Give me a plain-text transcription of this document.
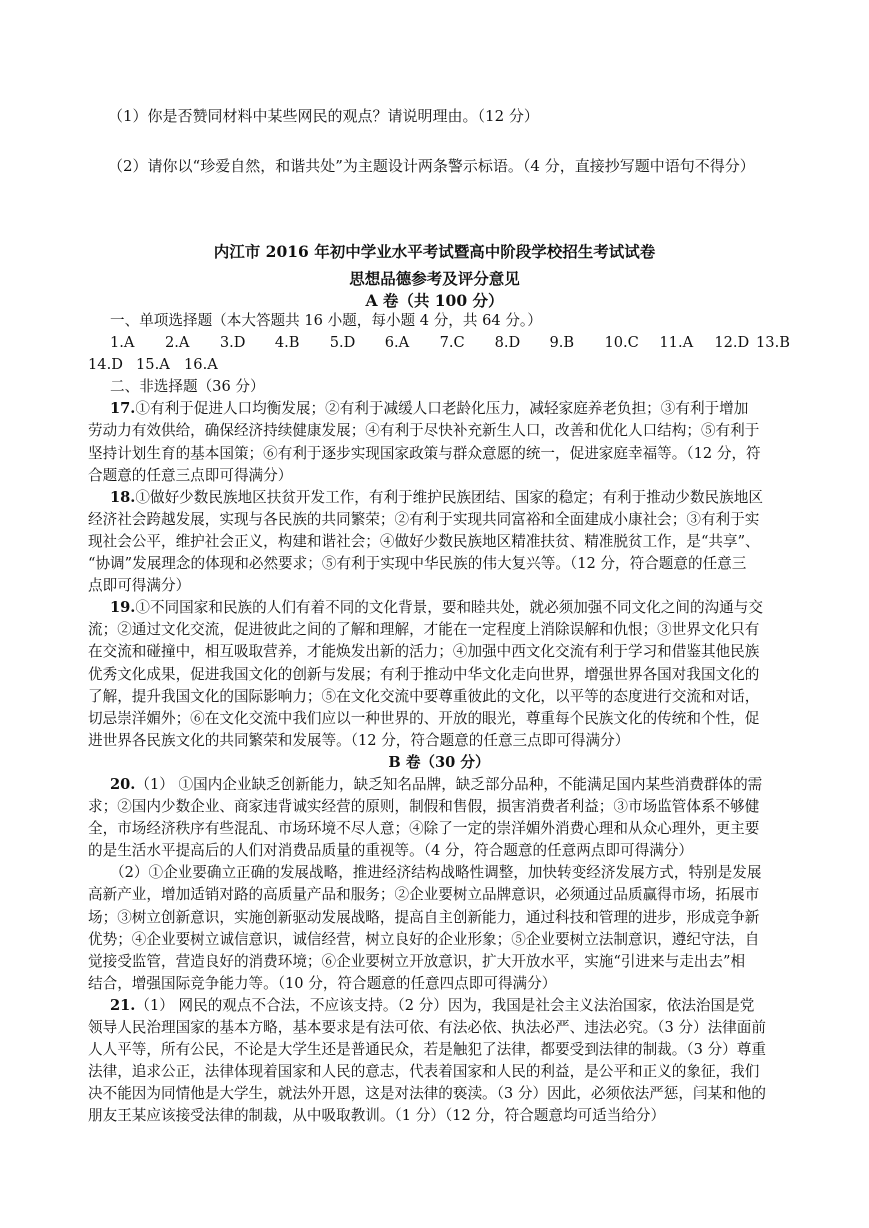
（1）你是否赞同材料中某些网民的观点？请说明理由。（12 分）
（2）请你以“珍爱自然，和谐共处”为主题设计两条警示标语。（4 分，直接抄写题中语句不得分）
内江市 2016 年初中学业水平考试暨高中阶段学校招生考试试卷
思想品德参考及评分意见
A 卷（共 100 分）
一、单项选择题（本大答题共 16 小题，每小题 4 分，共 64 分。）
1.A	2.A	3.D	4.B	5.D	6.A	7.C	8.D	9.B	10.C	11.A	12.D 13.B
14.D 15.A 16.A
二、非选择题（36 分）
17.①有利于促进人口均衡发展；②有利于减缓人口老龄化压力，减轻家庭养老负担；③有利于增加
劳动力有效供给，确保经济持续健康发展；④有利于尽快补充新生人口，改善和优化人口结构；⑤有利于
坚持计划生育的基本国策；⑥有利于逐步实现国家政策与群众意愿的统一，促进家庭幸福等。（12 分，符
合题意的任意三点即可得满分）
18.①做好少数民族地区扶贫开发工作，有利于维护民族团结、国家的稳定；有利于推动少数民族地区
经济社会跨越发展，实现与各民族的共同繁荣；②有利于实现共同富裕和全面建成小康社会；③有利于实
现社会公平，维护社会正义，构建和谐社会；④做好少数民族地区精准扶贫、精准脱贫工作，是“共享”、
“协调”发展理念的体现和必然要求；⑤有利于实现中华民族的伟大复兴等。（12 分，符合题意的任意三
点即可得满分）
19.①不同国家和民族的人们有着不同的文化背景，要和睦共处，就必须加强不同文化之间的沟通与交
流；②通过文化交流，促进彼此之间的了解和理解，才能在一定程度上消除误解和仇恨；③世界文化只有
在交流和碰撞中，相互吸取营养，才能焕发出新的活力；④加强中西文化交流有利于学习和借鉴其他民族
优秀文化成果，促进我国文化的创新与发展；有利于推动中华文化走向世界，增强世界各国对我国文化的
了解，提升我国文化的国际影响力；⑤在文化交流中要尊重彼此的文化，以平等的态度进行交流和对话，
切忌崇洋媚外；⑥在文化交流中我们应以一种世界的、开放的眼光，尊重每个民族文化的传统和个性，促
进世界各民族文化的共同繁荣和发展等。（12 分，符合题意的任意三点即可得满分）
B 卷（30 分）
20.（1） ①国内企业缺乏创新能力，缺乏知名品牌，缺乏部分品种，不能满足国内某些消费群体的需
求；②国内少数企业、商家违背诚实经营的原则，制假和售假，损害消费者利益；③市场监管体系不够健
全，市场经济秩序有些混乱、市场环境不尽人意；④除了一定的崇洋媚外消费心理和从众心理外，更主要
的是生活水平提高后的人们对消费品质量的重视等。（4 分，符合题意的任意两点即可得满分）
（2）①企业要确立正确的发展战略，推进经济结构战略性调整，加快转变经济发展方式，特别是发展
高新产业，增加适销对路的高质量产品和服务；②企业要树立品牌意识，必须通过品质赢得市场，拓展市
场；③树立创新意识，实施创新驱动发展战略，提高自主创新能力，通过科技和管理的进步，形成竞争新
优势；④企业要树立诚信意识，诚信经营，树立良好的企业形象；⑤企业要树立法制意识，遵纪守法，自
觉接受监管，营造良好的消费环境；⑥企业要树立开放意识，扩大开放水平，实施“引进来与走出去”相
结合，增强国际竞争能力等。（10 分，符合题意的任意四点即可得满分）
21.（1） 网民的观点不合法，不应该支持。（2 分）因为，我国是社会主义法治国家，依法治国是党
领导人民治理国家的基本方略，基本要求是有法可依、有法必依、执法必严、违法必究。（3 分）法律面前
人人平等，所有公民，不论是大学生还是普通民众，若是触犯了法律，都要受到法律的制裁。（3 分）尊重
法律，追求公正，法律体现着国家和人民的意志，代表着国家和人民的利益，是公平和正义的象征，我们
决不能因为同情他是大学生，就法外开恩，这是对法律的亵渎。（3 分）因此，必须依法严惩，闫某和他的
朋友王某应该接受法律的制裁，从中吸取教训。（1 分）（12 分，符合题意均可适当给分）
